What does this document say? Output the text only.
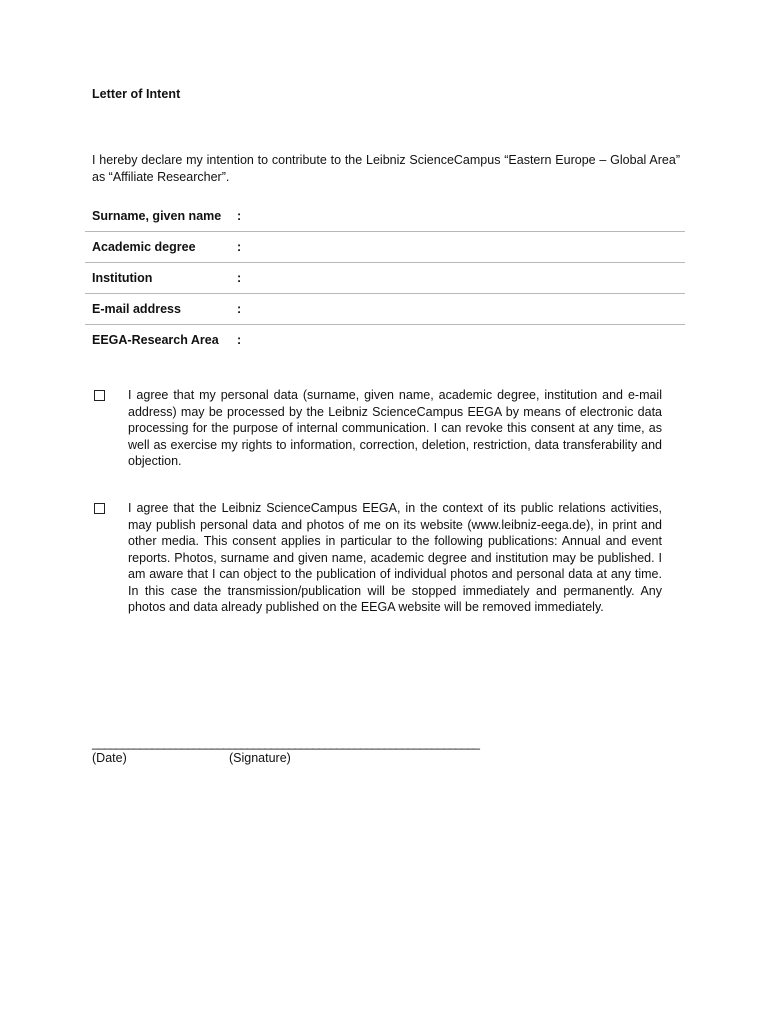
Letter of Intent
I hereby declare my intention to contribute to the Leibniz ScienceCampus “Eastern Europe – Global Area” as “Affiliate Researcher”.
Surname, given name :
Academic degree	:
Institution	:
E-mail address	:
EEGA-Research Area :
I agree that my personal data (surname, given name, academic degree, institution and e-mail address) may be processed by the Leibniz ScienceCampus EEGA by means of electronic data processing for the purpose of internal communication. I can revoke this consent at any time, as well as exercise my rights to information, correction, deletion, restriction, data transferability and objection.
I agree that the Leibniz ScienceCampus EEGA, in the context of its public relations activities, may publish personal data and photos of me on its website (www.leibniz-eega.de), in print and other media. This consent applies in particular to the following publications: Annual and event reports. Photos, surname and given name, academic degree and institution may be published. I am aware that I can object to the publication of individual photos and personal data at any time. In this case the transmission/publication will be stopped immediately and permanently. Any photos and data already published on the EEGA website will be removed immediately.
_______________________ __________________________________________
(Date)	(Signature)
